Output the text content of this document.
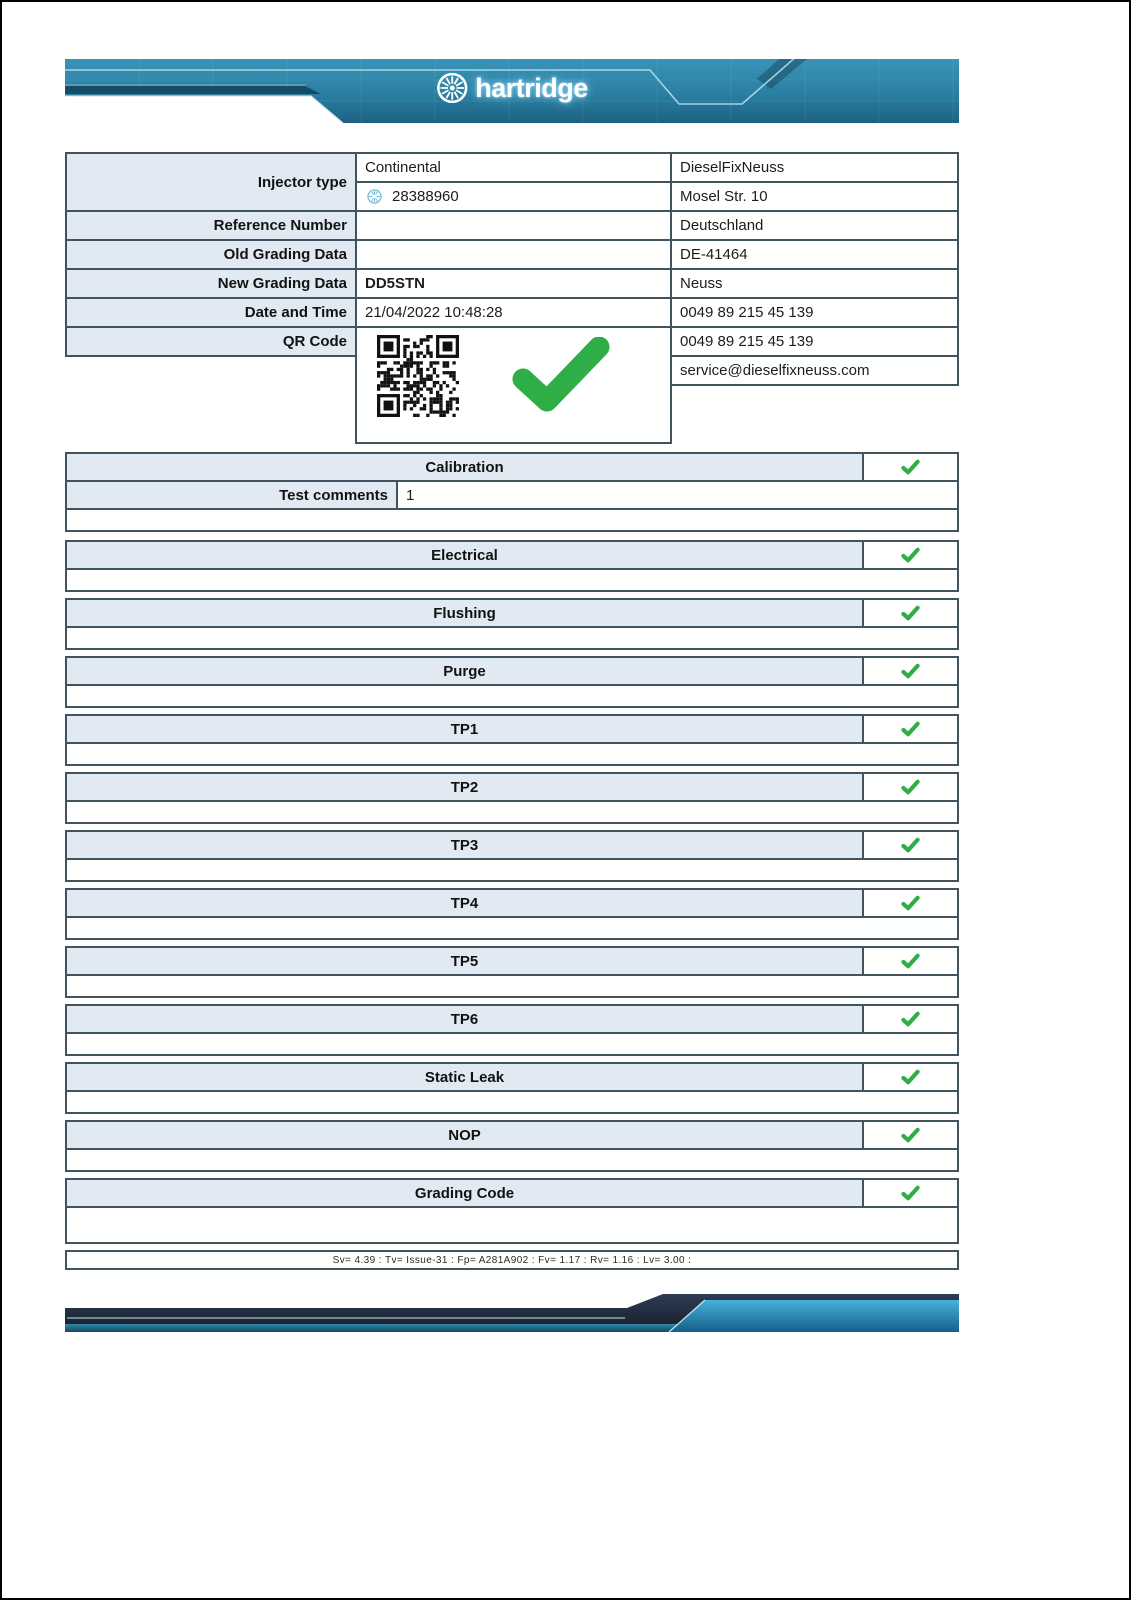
hartridge
Injector type
Reference Number
Old Grading Data
New Grading Data
Date and Time
QR Code
Continental
28388960
DD5STN
21/04/2022 10:48:28
DieselFixNeuss
Mosel Str. 10
Deutschland
DE-41464
Neuss
0049 89 215 45 139
0049 89 215 45 139
service@dieselfixneuss.com
Calibration
Test comments 1
Electrical
Flushing
Purge
TP1
TP2
TP3
TP4
TP5
TP6
Static Leak
NOP
Grading Code
Sv= 4.39 : Tv= Issue-31 : Fp= A281A902 : Fv= 1.17 : Rv= 1.16 : Lv= 3.00 :
